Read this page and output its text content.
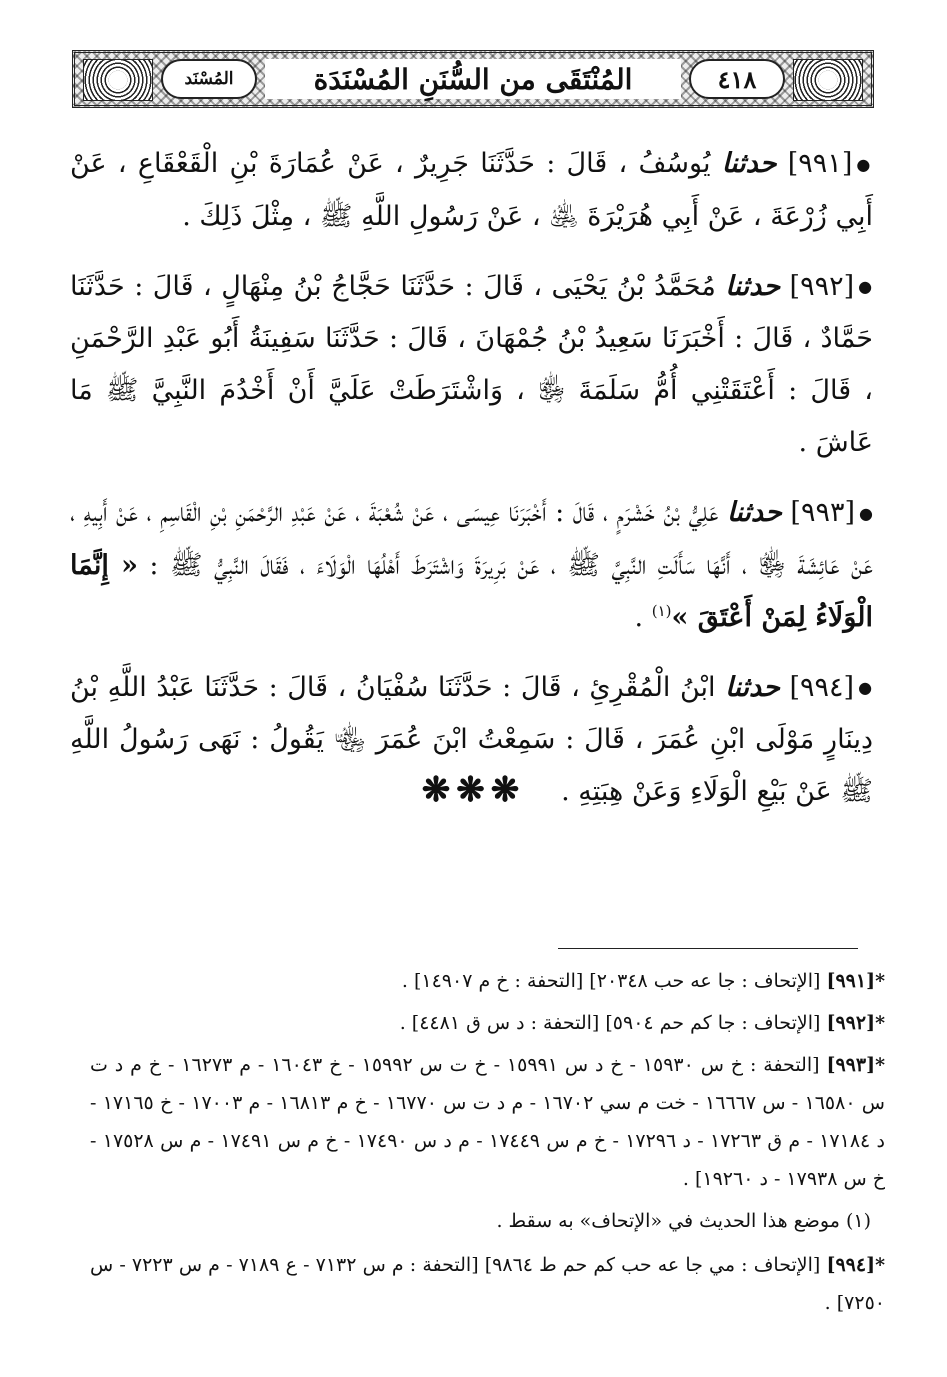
المُسْنَد	المُنْتَقَى من السُّنَنِ المُسْنَدَة	٤١٨

●[٩٩١] حدثنا يُوسُفُ ، قَالَ : حَدَّثَنَا جَرِيرٌ ، عَنْ عُمَارَةَ بْنِ الْقَعْقَاعِ ، عَنْ أَبِي زُرْعَةَ ، عَنْ أَبِي هُرَيْرَةَ ﵁ ، عَنْ رَسُولِ اللَّهِ ﷺ ، مِثْلَ ذَلِكَ .

●[٩٩٢] حدثنا مُحَمَّدُ بْنُ يَحْيَى ، قَالَ : حَدَّثَنَا حَجَّاجُ بْنُ مِنْهَالٍ ، قَالَ : حَدَّثَنَا حَمَّادٌ ، قَالَ : أَخْبَرَنَا سَعِيدُ بْنُ جُمْهَانَ ، قَالَ : حَدَّثَنَا سَفِينَةُ أَبُو عَبْدِ الرَّحْمَنِ ، قَالَ : أَعْتَقَتْنِي أُمُّ سَلَمَةَ ﵂ ، وَاشْتَرَطَتْ عَلَيَّ أَنْ أَخْدُمَ النَّبِيَّ ﷺ مَا عَاشَ .

●[٩٩٣] حدثنا عَلِيُّ بْنُ خَشْرَمٍ ، قَالَ : أَخْبَرَنَا عِيسَى ، عَنْ شُعْبَةَ ، عَنْ عَبْدِ الرَّحْمَنِ بْنِ الْقَاسِمِ ، عَنْ أَبِيهِ ، عَنْ عَائِشَةَ ﵂ ، أَنَّهَا سَأَلَتِ النَّبِيَّ ﷺ ، عَنْ بَرِيرَةَ وَاشْتَرَطَ أَهْلُهَا الْوَلَاءَ ، فَقَالَ النَّبِيُّ ﷺ : « إِنَّمَا الْوَلَاءُ لِمَنْ أَعْتَقَ »$^{(١)}$ .

●[٩٩٤] حدثنا ابْنُ الْمُقْرِئِ ، قَالَ : حَدَّثَنَا سُفْيَانُ ، قَالَ : حَدَّثَنَا عَبْدُ اللَّهِ بْنُ دِينَارٍ مَوْلَى ابْنِ عُمَرَ ، قَالَ : سَمِعْتُ ابْنَ عُمَرَ ﵄ يَقُولُ : نَهَى رَسُولُ اللَّهِ ﷺ عَنْ بَيْعِ الْوَلَاءِ وَعَنْ هِبَتِهِ .

❋❋❋
*[٩٩١] [الإتحاف : جا عه حب ٢٠٣٤٨] [التحفة : خ م ١٤٩٠٧] .
*[٩٩٢] [الإتحاف : جا كم حم ٥٩٠٤] [التحفة : د س ق ٤٤٨١] .
*[٩٩٣] [التحفة : خ س ١٥٩٣٠ - خ د س ١٥٩٩١ - خ ت س ١٥٩٩٢ - خ ١٦٠٤٣ - م ١٦٢٧٣ - خ م د ت س ١٦٥٨٠ - س ١٦٦٦٧ - خت م سي ١٦٧٠٢ - م د ت س ١٦٧٧٠ - خ م ١٦٨١٣ - م ١٧٠٠٣ - خ ١٧١٦٥ - د ١٧١٨٤ - م ق ١٧٢٦٣ - د ١٧٢٩٦ - خ م س ١٧٤٤٩ - م د س ١٧٤٩٠ - خ م س ١٧٤٩١ - م س ١٧٥٢٨ - خ س ١٧٩٣٨ - د ١٩٢٦٠] .
(١) موضع هذا الحديث في «الإتحاف» به سقط .
*[٩٩٤] [الإتحاف : مي جا عه حب كم حم ط ٩٨٦٤] [التحفة : م س ٧١٣٢ - ع ٧١٨٩ - م س ٧٢٢٣ - س ٧٢٥٠] .
